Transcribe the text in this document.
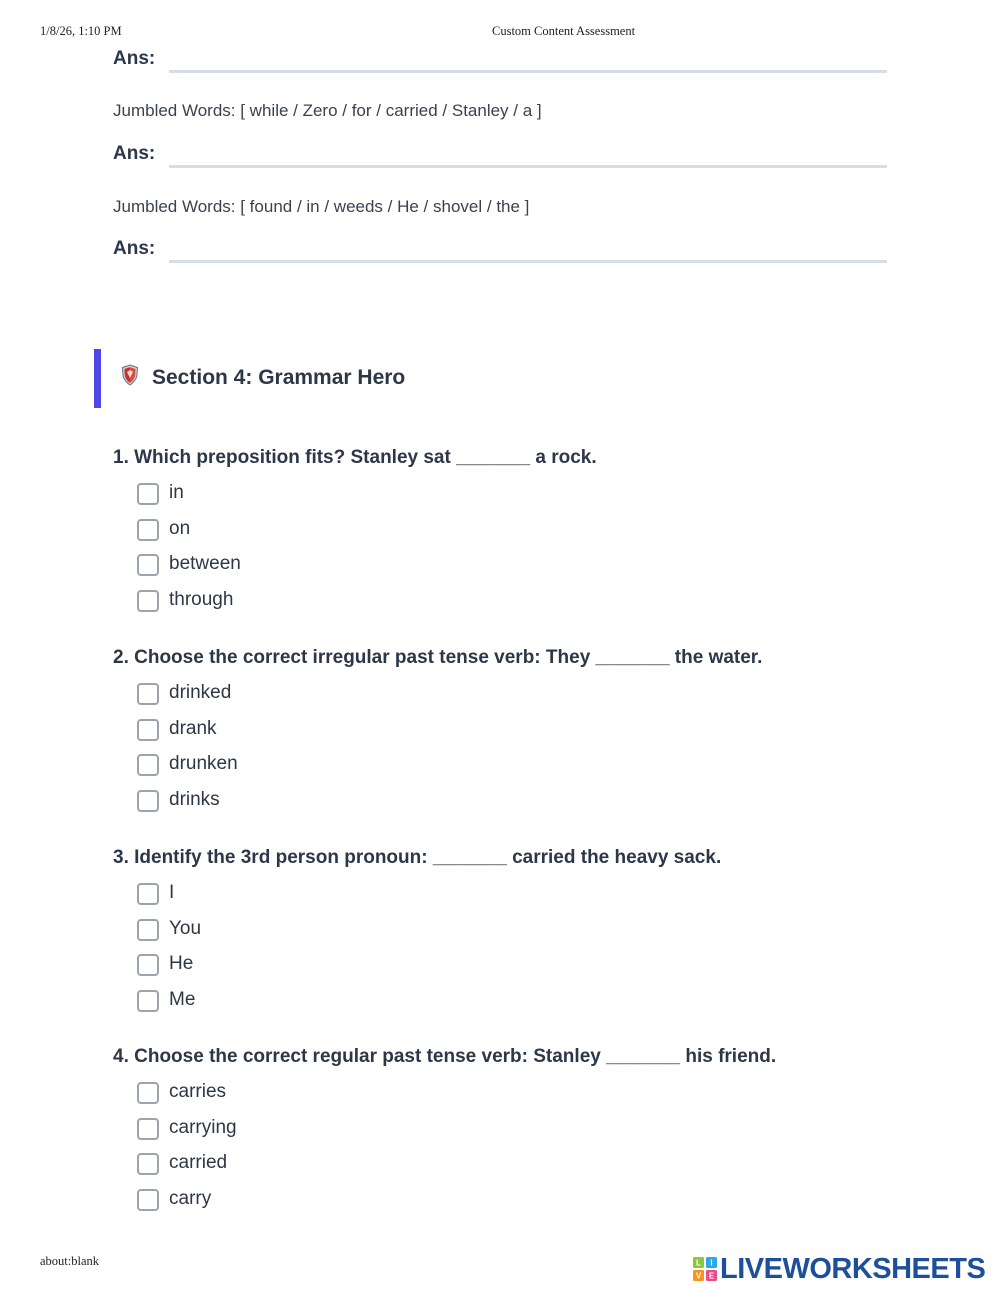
1/8/26, 1:10 PM	Custom Content Assessment
Ans:
Jumbled Words: [ while / Zero / for / carried / Stanley / a ]
Ans:
Jumbled Words: [ found / in / weeds / He / shovel / the ]
Ans:
Section 4: Grammar Hero
1. Which preposition fits? Stanley sat _______ a rock.
in
on
between
through
2. Choose the correct irregular past tense verb: They _______ the water.
drinked
drank
drunken
drinks
3. Identify the 3rd person pronoun: _______ carried the heavy sack.
I
You
He
Me
4. Choose the correct regular past tense verb: Stanley _______ his friend.
carries
carrying
carried
carry
about:blank	L I
V E LIVEWORKSHEETS
